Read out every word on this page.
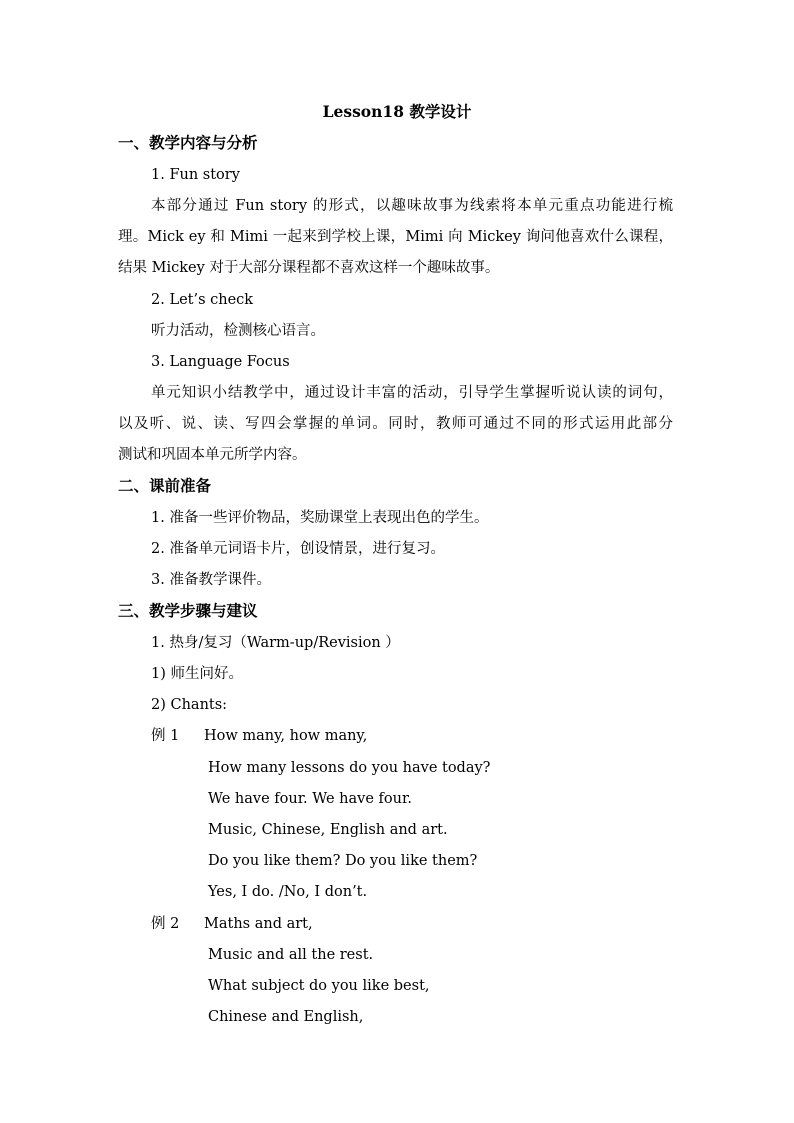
Lesson18 教学设计
一、教学内容与分析
1. Fun story
本部分通过 Fun story 的形式，以趣味故事为线索将本单元重点功能进行梳
理。Mick ey 和 Mimi 一起来到学校上课，Mimi 向 Mickey 询问他喜欢什么课程，
结果 Mickey 对于大部分课程都不喜欢这样一个趣味故事。
2. Let’s check
听力活动，检测核心语言。
3. Language Focus
单元知识小结教学中，通过设计丰富的活动，引导学生掌握听说认读的词句，
以及听、说、读、写四会掌握的单词。同时，教师可通过不同的形式运用此部分
测试和巩固本单元所学内容。
二、课前准备
1. 准备一些评价物品，奖励课堂上表现出色的学生。
2. 准备单元词语卡片，创设情景，进行复习。
3. 准备教学课件。
三、教学步骤与建议
1. 热身/复习（Warm-up/Revision ）
1) 师生问好。
2) Chants:
例 1 How many, how many,
How many lessons do you have today?
We have four. We have four.
Music, Chinese, English and art.
Do you like them? Do you like them?
Yes, I do. /No, I don’t.
例 2 Maths and art,
Music and all the rest.
What subject do you like best,
Chinese and English,
